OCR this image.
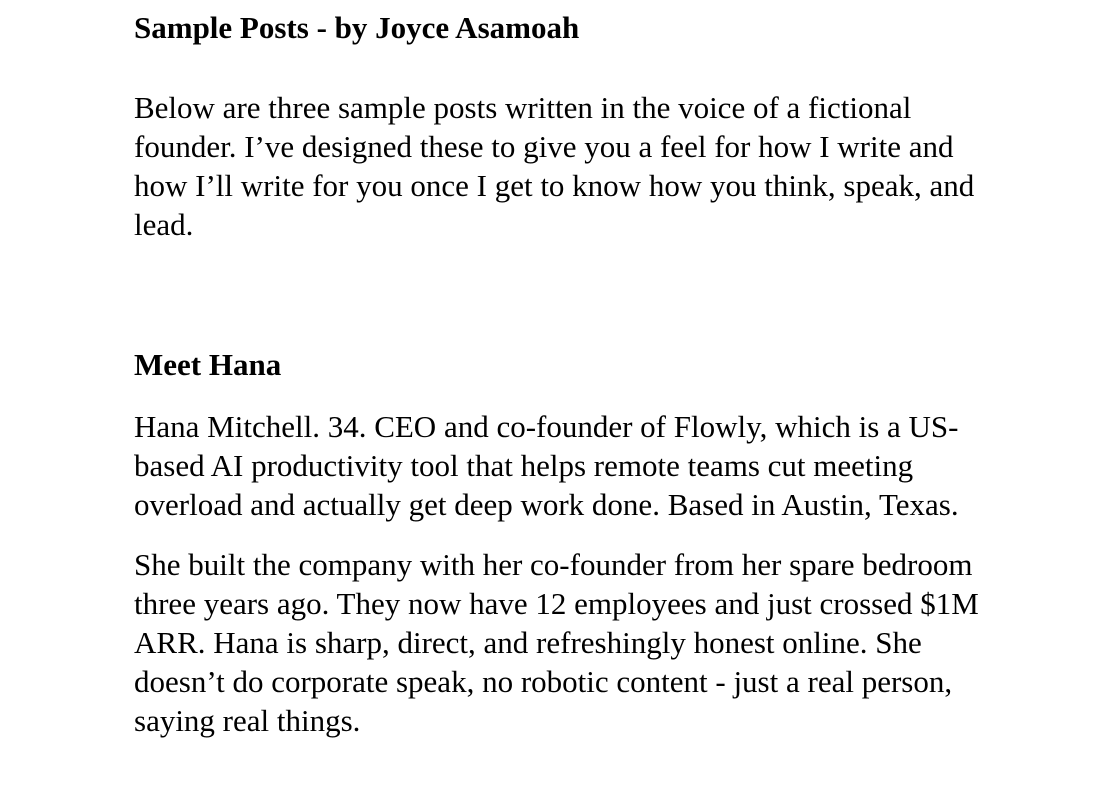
Sample Posts - by Joyce Asamoah

Below are three sample posts written in the voice of a fictional founder. I’ve designed these to give you a feel for how I write and how I’ll write for you once I get to know how you think, speak, and lead.

Meet Hana

Hana Mitchell. 34. CEO and co-founder of Flowly, which is a US-based AI productivity tool that helps remote teams cut meeting overload and actually get deep work done. Based in Austin, Texas.

She built the company with her co-founder from her spare bedroom three years ago. They now have 12 employees and just crossed $1M ARR. Hana is sharp, direct, and refreshingly honest online. She doesn’t do corporate speak, no robotic content - just a real person, saying real things.
